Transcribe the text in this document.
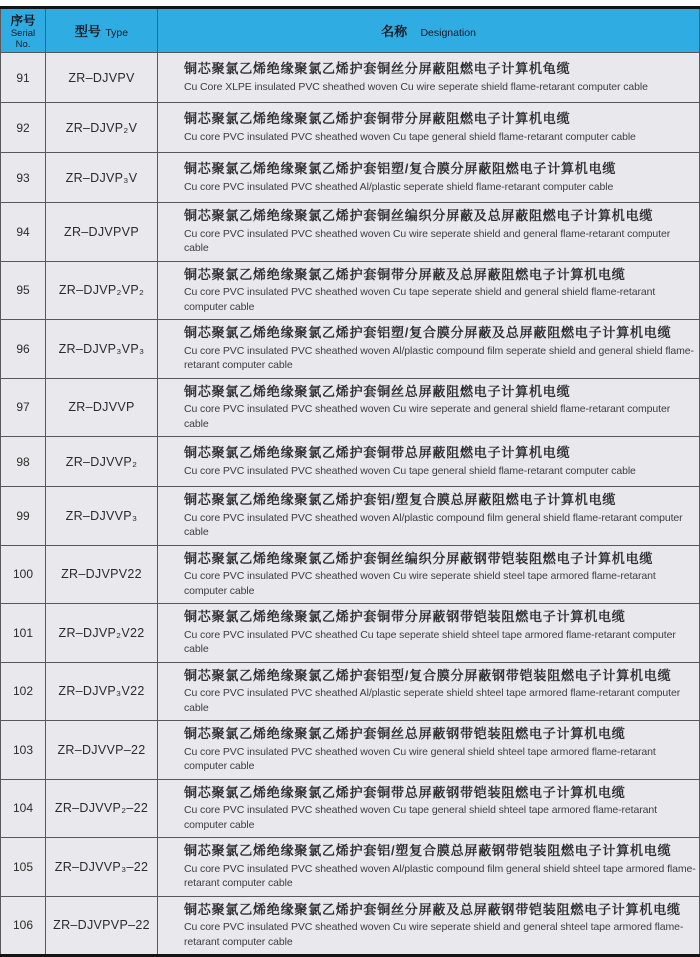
序号
Serial
No.	型号 Type	名称 Designation
91	ZR–DJVPV	铜芯聚氯乙烯绝缘聚氯乙烯护套铜丝分屏蔽阻燃电子计算机龟缆
Cu Core XLPE insulated PVC sheathed woven Cu wire seperate shield flame-retarant computer cable

92	ZR–DJVP₂V	铜芯聚氯乙烯绝缘聚氯乙烯护套铜带分屏蔽阻燃电子计算机电缆
Cu core PVC insulated PVC sheathed woven Cu tape general shield flame-retarant computer cable

93	ZR–DJVP₃V	铜芯聚氯乙烯绝缘聚氯乙烯护套铝塑/复合膜分屏蔽阻燃电子计算机电缆
Cu core PVC insulated PVC sheathed Al/plastic seperate shield flame-retarant computer cable

94	ZR–DJVPVP	铜芯聚氯乙烯绝缘聚氯乙烯护套铜丝编织分屏蔽及总屏蔽阻燃电子计算机电缆
Cu core PVC insulated PVC sheathed woven Cu wire seperate shield and general flame-retarant computer cable

95	ZR–DJVP₂VP₂	铜芯聚氯乙烯绝缘聚氯乙烯护套铜带分屏蔽及总屏蔽阻燃电子计算机电缆
Cu core PVC insulated PVC sheathed woven Cu tape seperate shield and general shield flame-retarant computer cable

96	ZR–DJVP₃VP₃	铜芯聚氯乙烯绝缘聚氯乙烯护套铝塑/复合膜分屏蔽及总屏蔽阻燃电子计算机电缆
Cu core PVC insulated PVC sheathed woven Al/plastic compound film seperate shield and general shield flame-retarant computer cable

97	ZR–DJVVP	铜芯聚氯乙烯绝缘聚氯乙烯护套铜丝总屏蔽阻燃电子计算机电缆
Cu core PVC insulated PVC sheathed woven Cu wire seperate and general shield flame-retarant computer cable

98	ZR–DJVVP₂	铜芯聚氯乙烯绝缘聚氯乙烯护套铜带总屏蔽阻燃电子计算机电缆
Cu core PVC insulated PVC sheathed woven Cu tape general shield flame-retarant computer cable

99	ZR–DJVVP₃	铜芯聚氯乙烯绝缘聚氯乙烯护套铝/塑复合膜总屏蔽阻燃电子计算机电缆
Cu core PVC insulated PVC sheathed woven Al/plastic compound film general shield flame-retarant computer cable

100	ZR–DJVPV22	铜芯聚氯乙烯绝缘聚氯乙烯护套铜丝编织分屏蔽钢带铠装阻燃电子计算机电缆
Cu core PVC insulated PVC sheathed woven Cu wire seperate shield steel tape armored flame-retarant computer cable

101	ZR–DJVP₂V22	铜芯聚氯乙烯绝缘聚氯乙烯护套铜带分屏蔽钢带铠装阻燃电子计算机电缆
Cu core PVC insulated PVC sheathed Cu tape seperate shield shteel tape armored flame-retarant computer cable

102	ZR–DJVP₃V22	铜芯聚氯乙烯绝缘聚氯乙烯护套铝型/复合膜分屏蔽钢带铠装阻燃电子计算机电缆
Cu core PVC insulated PVC sheathed Al/plastic seperate shield shteel tape armored flame-retarant computer cable

103	ZR–DJVVP–22	铜芯聚氯乙烯绝缘聚氯乙烯护套铜丝总屏蔽钢带铠装阻燃电子计算机电缆
Cu core PVC insulated PVC sheathed woven Cu wire general shield shteel tape armored flame-retarant computer cable

104	ZR–DJVVP₂–22	铜芯聚氯乙烯绝缘聚氯乙烯护套铜带总屏蔽钢带铠装阻燃电子计算机电缆
Cu core PVC insulated PVC sheathed woven Cu tape general shield shteel tape armored flame-retarant computer cable

105	ZR–DJVVP₃–22	铜芯聚氯乙烯绝缘聚氯乙烯护套铝/塑复合膜总屏蔽钢带铠装阻燃电子计算机电缆
Cu core PVC insulated PVC sheathed woven Al/plastic compound film general shield shteel tape armored flame-retarant computer cable

106	ZR–DJVPVP–22	铜芯聚氯乙烯绝缘聚氯乙烯护套铜丝分屏蔽及总屏蔽钢带铠装阻燃电子计算机电缆
Cu core PVC insulated PVC sheathed woven Cu wire seperate shield and general shteel tape armored flame-retarant computer cable
